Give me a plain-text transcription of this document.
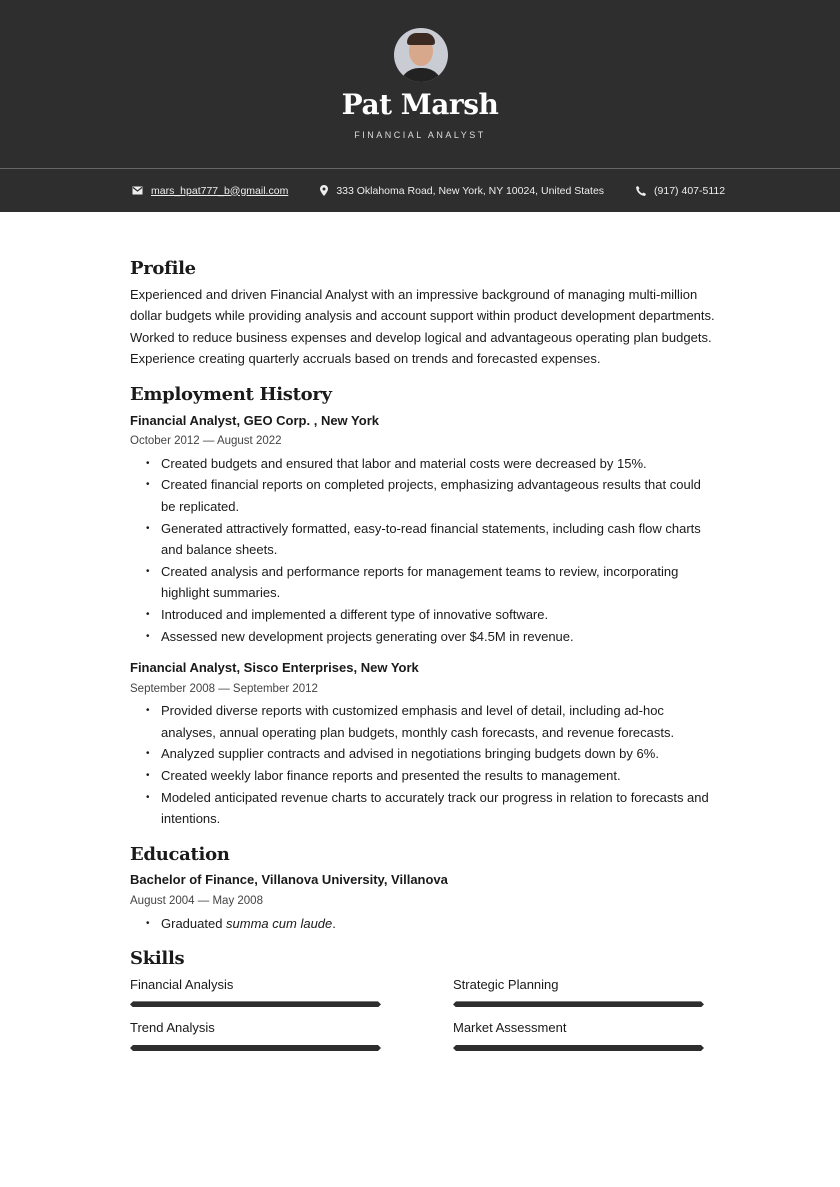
Pat Marsh
FINANCIAL ANALYST
mars_hpat777_b@gmail.com	333 Oklahoma Road, New York, NY 10024, United States	(917) 407-5112
Profile

Experienced and driven Financial Analyst with an impressive background of managing multi-million dollar budgets while providing analysis and account support within product development departments. Worked to reduce business expenses and develop logical and advantageous operating plan budgets. Experience creating quarterly accruals based on trends and forecasted expenses.

Employment History
Financial Analyst, GEO Corp. , New York
October 2012 — August 2022
• Created budgets and ensured that labor and material costs were decreased by 15%.
• Created financial reports on completed projects, emphasizing advantageous results that could be replicated.
• Generated attractively formatted, easy-to-read financial statements, including cash flow charts and balance sheets.
• Created analysis and performance reports for management teams to review, incorporating highlight summaries.
• Introduced and implemented a different type of innovative software.
• Assessed new development projects generating over $4.5M in revenue.
Financial Analyst, Sisco Enterprises, New York
September 2008 — September 2012
• Provided diverse reports with customized emphasis and level of detail, including ad-hoc analyses, annual operating plan budgets, monthly cash forecasts, and revenue forecasts.
• Analyzed supplier contracts and advised in negotiations bringing budgets down by 6%.
• Created weekly labor finance reports and presented the results to management.
• Modeled anticipated revenue charts to accurately track our progress in relation to forecasts and intentions.
Education
Bachelor of Finance, Villanova University, Villanova
August 2004 — May 2008
• Graduated summa cum laude.
Skills
Financial Analysis	Strategic Planning
Trend Analysis	Market Assessment
